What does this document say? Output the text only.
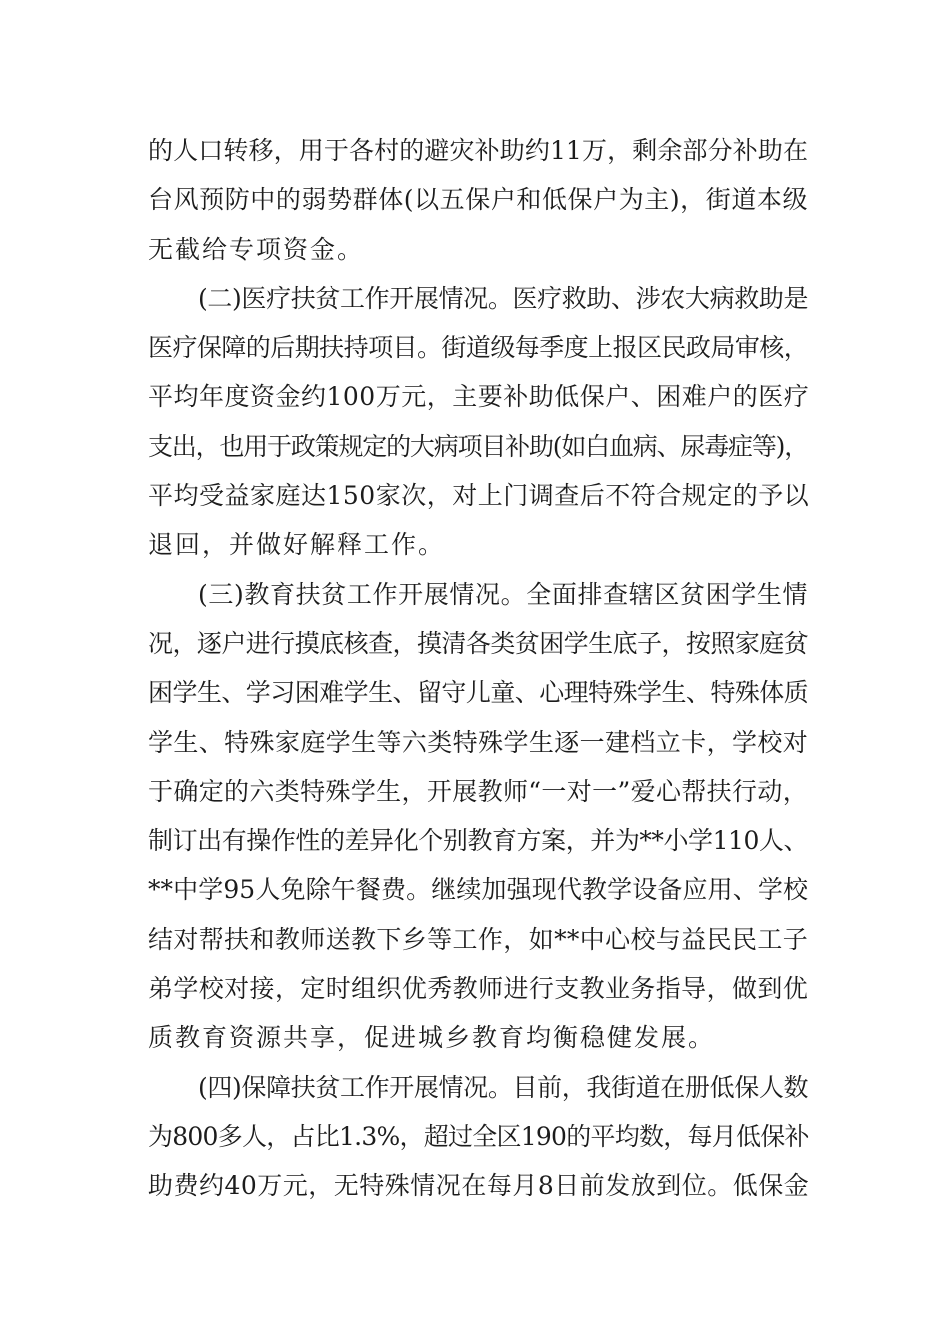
的人口转移，用于各村的避灾补助约11万，剩余部分补助在
台风预防中的弱势群体(以五保户和低保户为主)，街道本级
无截给专项资金。
(二)医疗扶贫工作开展情况。医疗救助、涉农大病救助是
医疗保障的后期扶持项目。街道级每季度上报区民政局审核，
平均年度资金约100万元，主要补助低保户、困难户的医疗
支出，也用于政策规定的大病项目补助(如白血病、尿毒症等)，
平均受益家庭达150家次，对上门调查后不符合规定的予以
退回，并做好解释工作。
(三)教育扶贫工作开展情况。全面排查辖区贫困学生情
况，逐户进行摸底核查，摸清各类贫困学生底子，按照家庭贫
困学生、学习困难学生、留守儿童、心理特殊学生、特殊体质
学生、特殊家庭学生等六类特殊学生逐一建档立卡，学校对
于确定的六类特殊学生，开展教师“一对一”爱心帮扶行动，
制订出有操作性的差异化个别教育方案，并为**小学110人、
**中学95人免除午餐费。继续加强现代教学设备应用、学校
结对帮扶和教师送教下乡等工作，如**中心校与益民民工子
弟学校对接，定时组织优秀教师进行支教业务指导，做到优
质教育资源共享，促进城乡教育均衡稳健发展。
(四)保障扶贫工作开展情况。目前，我街道在册低保人数
为800多人，占比1.3%，超过全区190的平均数，每月低保补
助费约40万元，无特殊情况在每月8日前发放到位。低保金
